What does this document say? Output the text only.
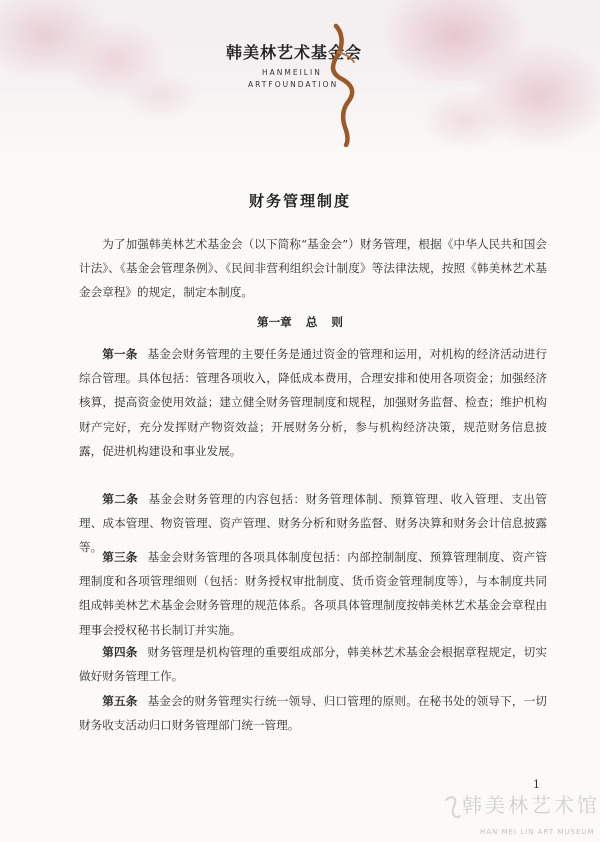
韩美林艺术基金会
HANMEILIN
ARTFOUNDATION
财务管理制度
为了加强韩美林艺术基金会（以下简称“基金会”）财务管理，根据《中华人民共和国会计法》、《基金会管理条例》、《民间非营利组织会计制度》等法律法规，按照《韩美林艺术基金会章程》的规定，制定本制度。
第一章 总 则
第一条 基金会财务管理的主要任务是通过资金的管理和运用，对机构的经济活动进行综合管理。具体包括：管理各项收入，降低成本费用，合理安排和使用各项资金；加强经济核算，提高资金使用效益；建立健全财务管理制度和规程，加强财务监督、检查；维护机构财产完好，充分发挥财产物资效益；开展财务分析，参与机构经济决策，规范财务信息披露，促进机构建设和事业发展。
第二条 基金会财务管理的内容包括：财务管理体制、预算管理、收入管理、支出管理、成本管理、物资管理、资产管理、财务分析和财务监督、财务决算和财务会计信息披露等。
第三条 基金会财务管理的各项具体制度包括：内部控制制度、预算管理制度、资产管理制度和各项管理细则（包括：财务授权审批制度、货币资金管理制度等），与本制度共同组成韩美林艺术基金会财务管理的规范体系。各项具体管理制度按韩美林艺术基金会章程由理事会授权秘书长制订并实施。
第四条 财务管理是机构管理的重要组成部分，韩美林艺术基金会根据章程规定，切实做好财务管理工作。
第五条 基金会的财务管理实行统一领导、归口管理的原则。在秘书处的领导下，一切财务收支活动归口财务管理部门统一管理。
1
韩美林艺术馆
HAN MEI LIN ART MUSEUM
